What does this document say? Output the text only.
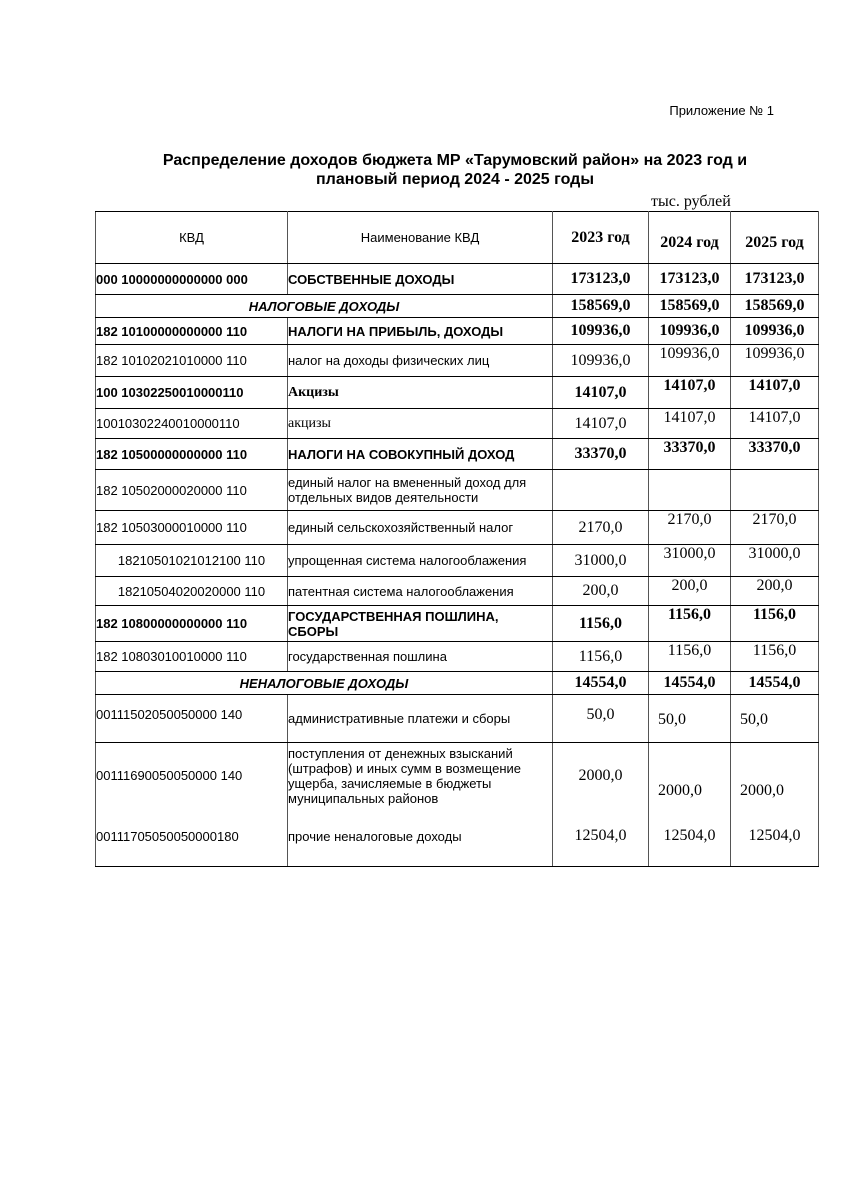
Приложение № 1
Распределение доходов бюджета МР «Тарумовский район» на 2023 год и
плановый период 2024 - 2025 годы
тыс. рублей
КВД	Наименование КВД	2023 год	2024 год	2025 год
000 10000000000000 000	СОБСТВЕННЫЕ ДОХОДЫ	173123,0	173123,0	173123,0
НАЛОГОВЫЕ ДОХОДЫ		158569,0	158569,0	158569,0
182 10100000000000 110	НАЛОГИ НА ПРИБЫЛЬ, ДОХОДЫ	109936,0	109936,0	109936,0
182 10102021010000 110	налог на доходы физических лиц	109936,0	109936,0	109936,0
100 10302250010000110	Акцизы	14107,0	14107,0	14107,0
10010302240010000110	акцизы	14107,0	14107,0	14107,0
182 10500000000000 110	НАЛОГИ НА СОВОКУПНЫЙ ДОХОД	33370,0	33370,0	33370,0
182 10502000020000 110	единый налог на вмененный доход для отдельных видов деятельности			
182 10503000010000 110	единый сельскохозяйственный налог	2170,0	2170,0	2170,0
18210501021012100 110	упрощенная система налогооблажения	31000,0	31000,0	31000,0
18210504020020000 110	патентная система налогооблажения	200,0	200,0	200,0
182 10800000000000 110	ГОСУДАРСТВЕННАЯ ПОШЛИНА, СБОРЫ	1156,0	1156,0	1156,0
182 10803010010000 110	государственная пошлина	1156,0	1156,0	1156,0
НЕНАЛОГОВЫЕ ДОХОДЫ		14554,0	14554,0	14554,0
00111502050050000 140	административные платежи и сборы	50,0	50,0	50,0
00111690050050000 140	поступления от денежных взысканий (штрафов) и иных сумм в возмещение ущерба, зачисляемые в бюджеты муниципальных районов	2000,0	2000,0	2000,0
00111705050050000180	прочие неналоговые доходы	12504,0	12504,0	12504,0
